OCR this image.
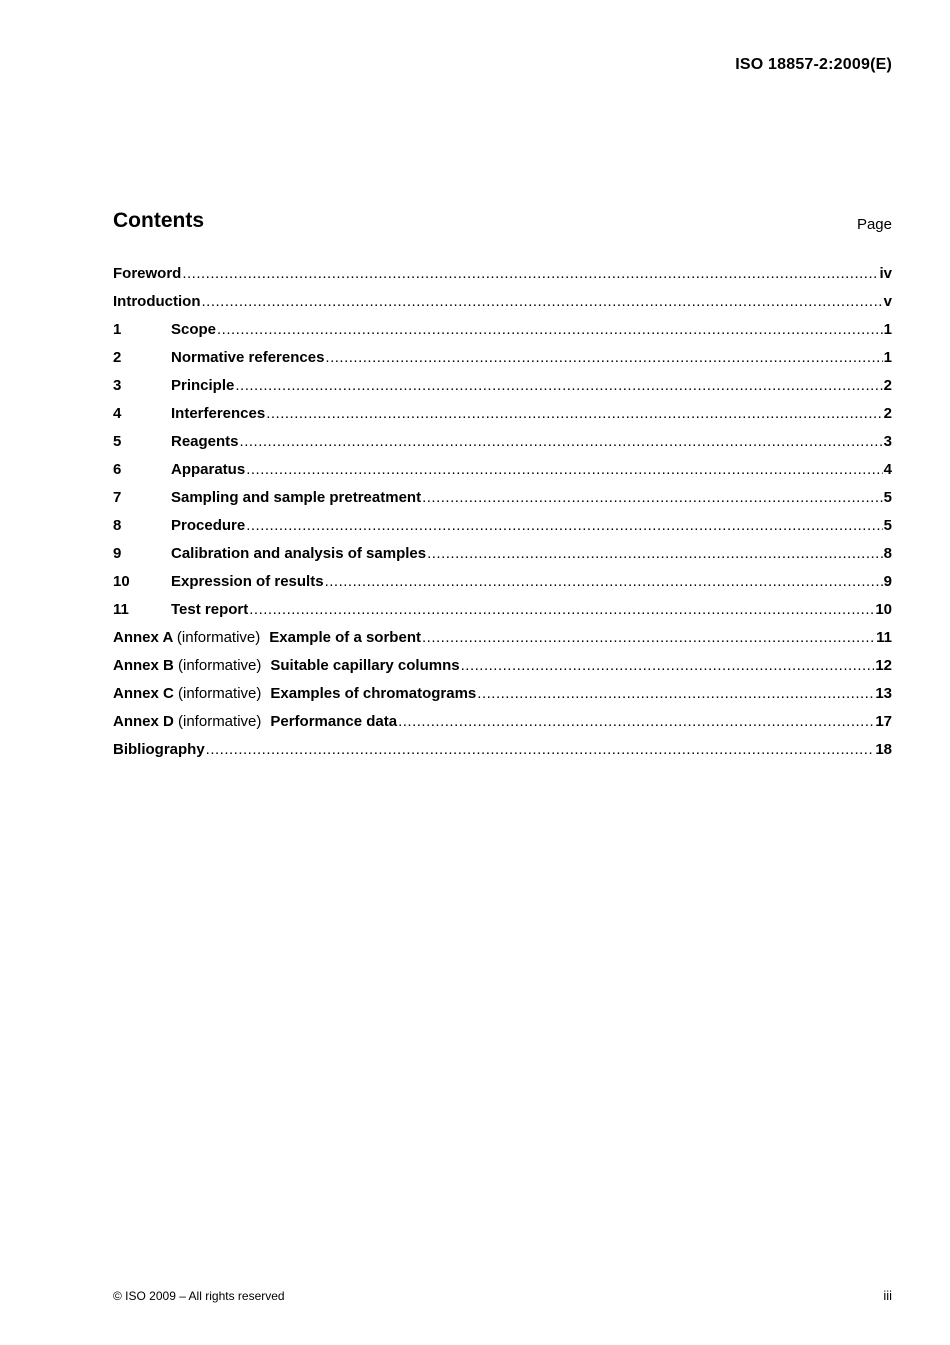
ISO 18857-2:2009(E)
Contents	Page
Foreword .....	iv
Introduction .....	v
1	Scope .....	1
2	Normative references .....	1
3	Principle .....	2
4	Interferences .....	2
5	Reagents .....	3
6	Apparatus .....	4
7	Sampling and sample pretreatment .....	5
8	Procedure .....	5
9	Calibration and analysis of samples .....	8
10	Expression of results .....	9
11	Test report .....	10
Annex A (informative) Example of a sorbent .....	11
Annex B (informative) Suitable capillary columns .....	12
Annex C (informative) Examples of chromatograms .....	13
Annex D (informative) Performance data .....	17
Bibliography .....	18
© ISO 2009 – All rights reserved	iii
